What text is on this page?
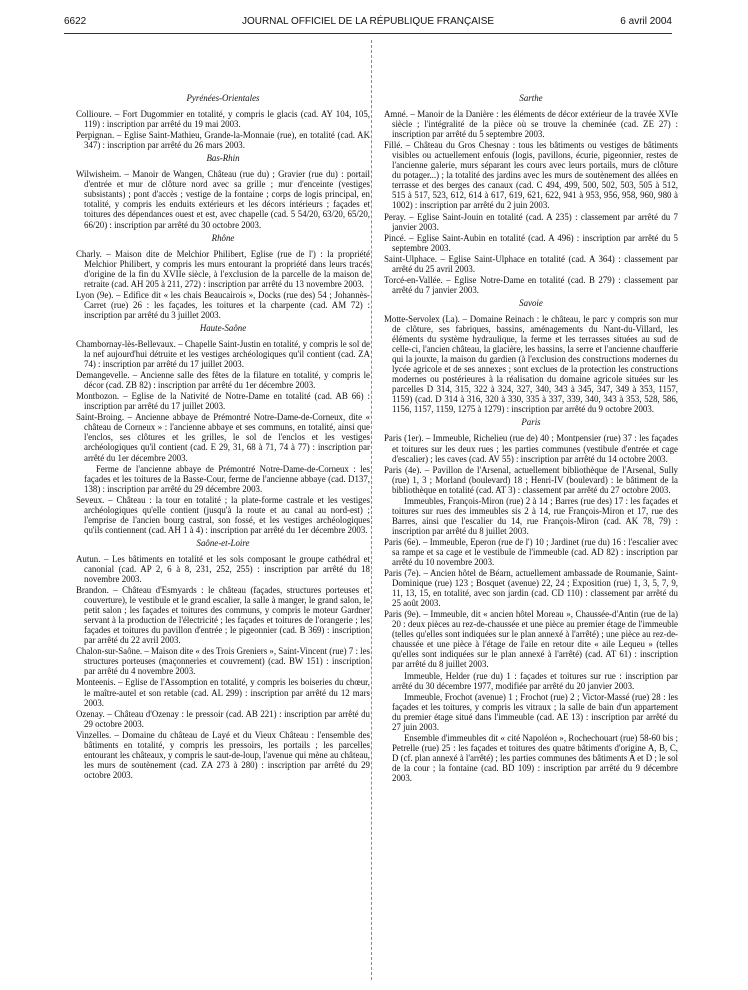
6622	JOURNAL OFFICIEL DE LA RÉPUBLIQUE FRANÇAISE	6 avril 2004
Pyrénées-Orientales
Collioure. – Fort Dugommier en totalité, y compris le glacis (cad. AY 104, 105, 119) : inscription par arrêté du 19 mai 2003.
Perpignan. – Eglise Saint-Mathieu, Grande-la-Monnaie (rue), en totalité (cad. AK 347) : inscription par arrêté du 26 mars 2003.
Bas-Rhin
Wilwisheim. – Manoir de Wangen, Château (rue du) ; Gravier (rue du) : portail d'entrée et mur de clôture nord avec sa grille ; mur d'enceinte (vestiges subsistants) ; pont d'accès ; vestige de la fontaine ; corps de logis principal, en totalité, y compris les enduits extérieurs et les décors intérieurs ; façades et toitures des dépendances ouest et est, avec chapelle (cad. 5 54/20, 63/20, 65/20, 66/20) : inscription par arrêté du 30 octobre 2003.
Rhône
Charly. – Maison dite de Melchior Philibert, Eglise (rue de l') : la propriété Melchior Philibert, y compris les murs entourant la propriété dans leurs tracés d'origine de la fin du XVIIe siècle, à l'exclusion de la parcelle de la maison de retraite (cad. AH 205 à 211, 272) : inscription par arrêté du 13 novembre 2003.
Lyon (9e). – Edifice dit « les chais Beaucairois », Docks (rue des) 54 ; Johannès-Carret (rue) 26 : les façades, les toitures et la charpente (cad. AM 72) : inscription par arrêté du 3 juillet 2003.
Haute-Saône
Chambornay-lès-Bellevaux. – Chapelle Saint-Justin en totalité, y compris le sol de la nef aujourd'hui détruite et les vestiges archéologiques qu'il contient (cad. ZA 74) : inscription par arrêté du 17 juillet 2003.
Demangevelle. – Ancienne salle des fêtes de la filature en totalité, y compris le décor (cad. ZB 82) : inscription par arrêté du 1er décembre 2003.
Montbozon. – Eglise de la Nativité de Notre-Dame en totalité (cad. AB 66) : inscription par arrêté du 17 juillet 2003.
Saint-Broing. – Ancienne abbaye de Prémontré Notre-Dame-de-Corneux, dite « château de Corneux » : l'ancienne abbaye et ses communs, en totalité, ainsi que l'enclos, ses clôtures et les grilles, le sol de l'enclos et les vestiges archéologiques qu'il contient (cad. E 29, 31, 68 à 71, 74 à 77) : inscription par arrêté du 1er décembre 2003.
Ferme de l'ancienne abbaye de Prémontré Notre-Dame-de-Corneux : les façades et les toitures de la Basse-Cour, ferme de l'ancienne abbaye (cad. D137, 138) : inscription par arrêté du 29 décembre 2003.
Seveux. – Château : la tour en totalité ; la plate-forme castrale et les vestiges archéologiques qu'elle contient (jusqu'à la route et au canal au nord-est) ; l'emprise de l'ancien bourg castral, son fossé, et les vestiges archéologiques qu'ils contiennent (cad. AH 1 à 4) : inscription par arrêté du 1er décembre 2003.
Saône-et-Loire
Autun. – Les bâtiments en totalité et les sols composant le groupe cathédral et canonial (cad. AP 2, 6 à 8, 231, 252, 255) : inscription par arrêté du 18 novembre 2003.
Brandon. – Château d'Esmyards : le château (façades, structures porteuses et couverture), le vestibule et le grand escalier, la salle à manger, le grand salon, le petit salon ; les façades et toitures des communs, y compris le moteur Gardner servant à la production de l'électricité ; les façades et toitures de l'orangerie ; les façades et toitures du pavillon d'entrée ; le pigeonnier (cad. B 369) : inscription par arrêté du 22 avril 2003.
Chalon-sur-Saône. – Maison dite « des Trois Greniers », Saint-Vincent (rue) 7 : les structures porteuses (maçonneries et couvrement) (cad. BW 151) : inscription par arrêté du 4 novembre 2003.
Monteenis. – Eglise de l'Assomption en totalité, y compris les boiseries du chœur, le maître-autel et son retable (cad. AL 299) : inscription par arrêté du 12 mars 2003.
Ozenay. – Château d'Ozenay : le pressoir (cad. AB 221) : inscription par arrêté du 29 octobre 2003.
Vinzelles. – Domaine du château de Layé et du Vieux Château : l'ensemble des bâtiments en totalité, y compris les pressoirs, les portails ; les parcelles entourant les châteaux, y compris le saut-de-loup, l'avenue qui mène au château, les murs de soutènement (cad. ZA 273 à 280) : inscription par arrêté du 29 octobre 2003.
Sarthe
Amné. – Manoir de la Danière : les éléments de décor extérieur de la travée XVIe siècle ; l'intégralité de la pièce où se trouve la cheminée (cad. ZE 27) : inscription par arrêté du 5 septembre 2003.
Fillé. – Château du Gros Chesnay : tous les bâtiments ou vestiges de bâtiments visibles ou actuellement enfouis (logis, pavillons, écurie, pigeonnier, restes de l'ancienne galerie, murs séparant les cours avec leurs portails, murs de clôture du potager...) ; la totalité des jardins avec les murs de soutènement des allées en terrasse et des berges des canaux (cad. C 494, 499, 500, 502, 503, 505 à 512, 515 à 517, 523, 612, 614 à 617, 619, 621, 622, 941 à 953, 956, 958, 960, 980 à 1002) : inscription par arrêté du 2 juin 2003.
Peray. – Eglise Saint-Jouin en totalité (cad. A 235) : classement par arrêté du 7 janvier 2003.
Pincé. – Eglise Saint-Aubin en totalité (cad. A 496) : inscription par arrêté du 5 septembre 2003.
Saint-Ulphace. – Eglise Saint-Ulphace en totalité (cad. A 364) : classement par arrêté du 25 avril 2003.
Torcé-en-Vallée. – Eglise Notre-Dame en totalité (cad. B 279) : classement par arrêté du 7 janvier 2003.
Savoie
Motte-Servolex (La). – Domaine Reinach : le château, le parc y compris son mur de clôture, ses fabriques, bassins, aménagements du Nant-du-Villard, les éléments du système hydraulique, la ferme et les terrasses situées au sud de celle-ci, l'ancien château, la glacière, les bassins, la serre et l'ancienne chaufferie qui la jouxte, la maison du gardien (à l'exclusion des constructions modernes du lycée agricole et de ses annexes ; sont exclues de la protection les constructions modernes ou postérieures à la réalisation du domaine agricole situées sur les parcelles D 314, 315, 322 à 324, 327, 340, 343 à 345, 347, 349 à 353, 1157, 1159) (cad. D 314 à 316, 320 à 330, 335 à 337, 339, 340, 343 à 353, 528, 586, 1156, 1157, 1159, 1275 à 1279) : inscription par arrêté du 9 octobre 2003.
Paris
Paris (1er). – Immeuble, Richelieu (rue de) 40 ; Montpensier (rue) 37 : les façades et toitures sur les deux rues ; les parties communes (vestibule d'entrée et cage d'escalier) ; les caves (cad. AV 55) : inscription par arrêté du 14 octobre 2003.
Paris (4e). – Pavillon de l'Arsenal, actuellement bibliothèque de l'Arsenal, Sully (rue) 1, 3 ; Morland (boulevard) 18 ; Henri-IV (boulevard) : le bâtiment de la bibliothèque en totalité (cad. AT 3) : classement par arrêté du 27 octobre 2003.
Immeubles, François-Miron (rue) 2 à 14 ; Barres (rue des) 17 : les façades et toitures sur rues des immeubles sis 2 à 14, rue François-Miron et 17, rue des Barres, ainsi que l'escalier du 14, rue François-Miron (cad. AK 78, 79) : inscription par arrêté du 8 juillet 2003.
Paris (6e). – Immeuble, Eperon (rue de l') 10 ; Jardinet (rue du) 16 : l'escalier avec sa rampe et sa cage et le vestibule de l'immeuble (cad. AD 82) : inscription par arrêté du 10 novembre 2003.
Paris (7e). – Ancien hôtel de Béarn, actuellement ambassade de Roumanie, Saint-Dominique (rue) 123 ; Bosquet (avenue) 22, 24 ; Exposition (rue) 1, 3, 5, 7, 9, 11, 13, 15, en totalité, avec son jardin (cad. CD 110) : classement par arrêté du 25 août 2003.
Paris (9e). – Immeuble, dit « ancien hôtel Moreau », Chaussée-d'Antin (rue de la) 20 : deux pièces au rez-de-chaussée et une pièce au premier étage de l'immeuble (telles qu'elles sont indiquées sur le plan annexé à l'arrêté) ; une pièce au rez-de-chaussée et une pièce à l'étage de l'aile en retour dite « aile Lequeu » (telles qu'elles sont indiquées sur le plan annexé à l'arrêté) (cad. AT 61) : inscription par arrêté du 8 juillet 2003.
Immeuble, Helder (rue du) 1 : façades et toitures sur rue : inscription par arrêté du 30 décembre 1977, modifiée par arrêté du 20 janvier 2003.
Immeuble, Frochot (avenue) 1 ; Frochot (rue) 2 ; Victor-Massé (rue) 28 : les façades et les toitures, y compris les vitraux ; la salle de bain d'un appartement du premier étage situé dans l'immeuble (cad. AE 13) : inscription par arrêté du 27 juin 2003.
Ensemble d'immeubles dit « cité Napoléon », Rochechouart (rue) 58-60 bis ; Petrelle (rue) 25 : les façades et toitures des quatre bâtiments d'origine A, B, C, D (cf. plan annexé à l'arrêté) ; les parties communes des bâtiments A et D ; le sol de la cour ; la fontaine (cad. BD 109) : inscription par arrêté du 9 décembre 2003.
